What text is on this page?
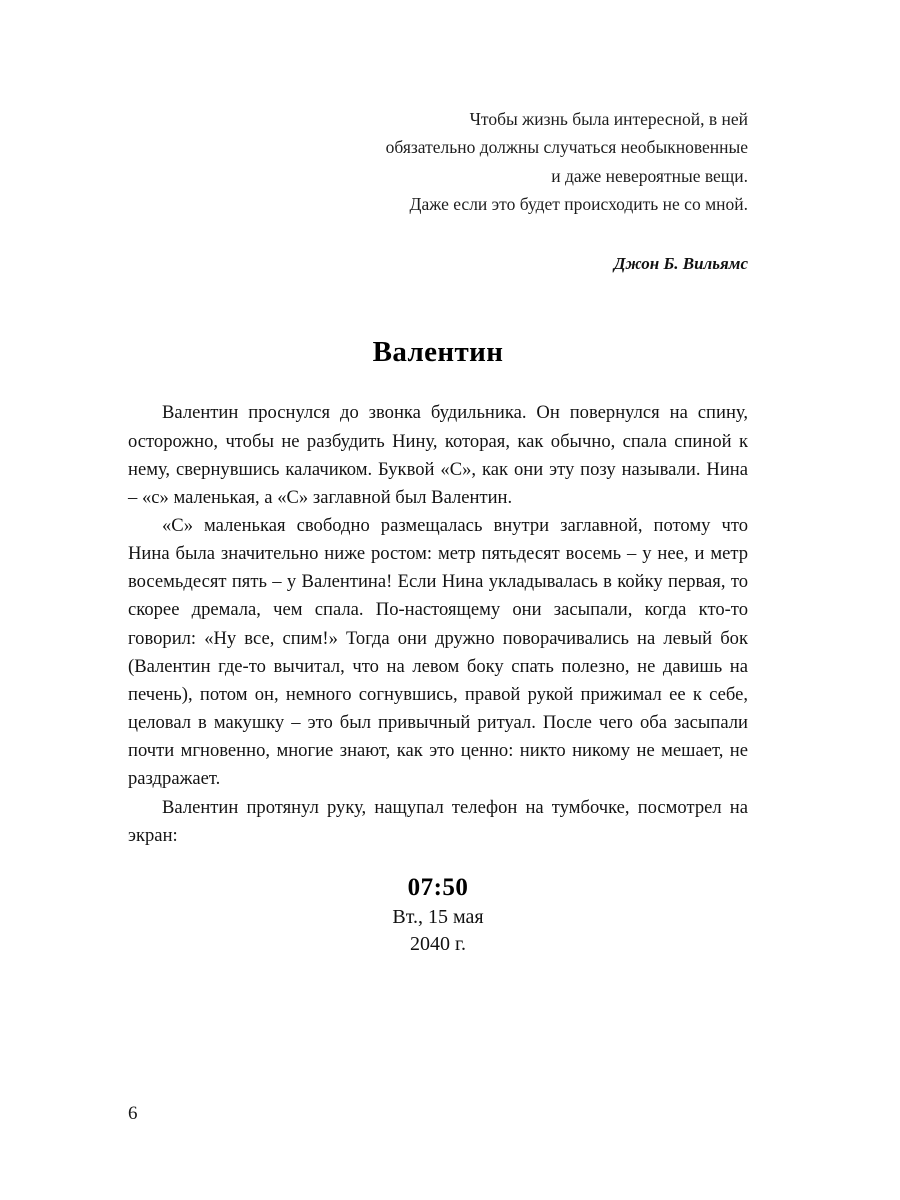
Чтобы жизнь была интересной, в ней
обязательно должны случаться необыкновенные
и даже невероятные вещи.
Даже если это будет происходить не со мной.
Джон Б. Вильямс
Валентин

Валентин проснулся до звонка будильника. Он повернулся на спину, осторожно, чтобы не разбудить Нину, которая, как обычно, спала спиной к нему, свернувшись калачиком. Буквой «С», как они эту позу называли. Нина – «с» маленькая, а «С» заглавной был Валентин.

«С» маленькая свободно размещалась внутри заглавной, потому что Нина была значительно ниже ростом: метр пятьдесят восемь – у нее, и метр восемьдесят пять – у Валентина! Если Нина укладывалась в койку первая, то скорее дремала, чем спала. По-настоящему они засыпали, когда кто-то говорил: «Ну все, спим!» Тогда они дружно поворачивались на левый бок (Валентин где-то вычитал, что на левом боку спать полезно, не давишь на печень), потом он, немного согнувшись, правой рукой прижимал ее к себе, целовал в макушку – это был привычный ритуал. После чего оба засыпали почти мгновенно, многие знают, как это ценно: никто никому не мешает, не раздражает.

Валентин протянул руку, нащупал телефон на тумбочке, посмотрел на экран:

07:50
Вт., 15 мая
2040 г.
6
